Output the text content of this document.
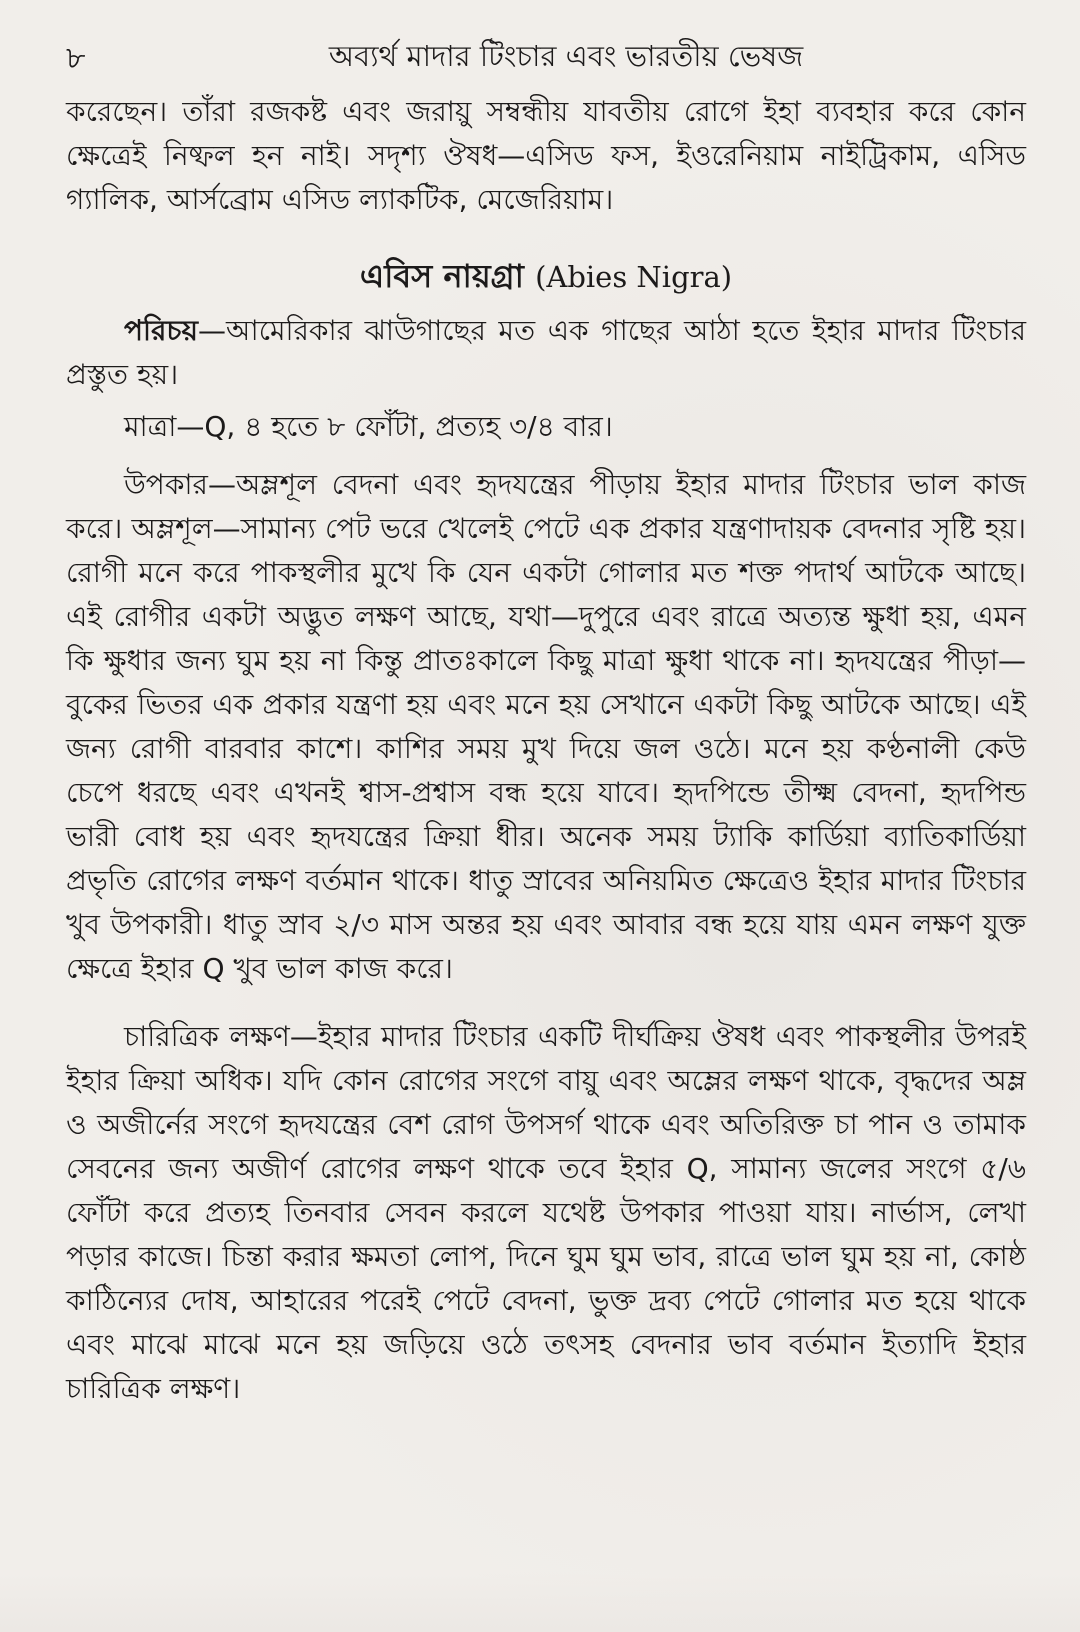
৮	অব্যর্থ মাদার টিংচার এবং ভারতীয় ভেষজ

করেছেন। তাঁরা রজকষ্ট এবং জরায়ু সম্বন্ধীয় যাবতীয় রোগে ইহা ব্যবহার করে কোন ক্ষেত্রেই নিষ্ফল হন নাই। সদৃশ্য ঔষধ—এসিড ফস, ইওরেনিয়াম নাইট্রিকাম, এসিড গ্যালিক, আর্সব্রোম এসিড ল্যাকটিক, মেজেরিয়াম।

এবিস নায়গ্রা (Abies Nigra)

পরিচয়—আমেরিকার ঝাউগাছের মত এক গাছের আঠা হতে ইহার মাদার টিংচার প্রস্তুত হয়।

মাত্রা—Q, ৪ হতে ৮ ফোঁটা, প্রত্যহ ৩/৪ বার।

উপকার—অম্লশূল বেদনা এবং হৃদযন্ত্রের পীড়ায় ইহার মাদার টিংচার ভাল কাজ করে। অম্লশূল—সামান্য পেট ভরে খেলেই পেটে এক প্রকার যন্ত্রণাদায়ক বেদনার সৃষ্টি হয়। রোগী মনে করে পাকস্থলীর মুখে কি যেন একটা গোলার মত শক্ত পদার্থ আটকে আছে। এই রোগীর একটা অদ্ভুত লক্ষণ আছে, যথা—দুপুরে এবং রাত্রে অত্যন্ত ক্ষুধা হয়, এমন কি ক্ষুধার জন্য ঘুম হয় না কিন্তু প্রাতঃকালে কিছু মাত্রা ক্ষুধা থাকে না। হৃদযন্ত্রের পীড়া—বুকের ভিতর এক প্রকার যন্ত্রণা হয় এবং মনে হয় সেখানে একটা কিছু আটকে আছে। এই জন্য রোগী বারবার কাশে। কাশির সময় মুখ দিয়ে জল ওঠে। মনে হয় কণ্ঠনালী কেউ চেপে ধরছে এবং এখনই শ্বাস-প্রশ্বাস বন্ধ হয়ে যাবে। হৃদপিন্ডে তীক্ষ্ম বেদনা, হৃদপিন্ড ভারী বোধ হয় এবং হৃদযন্ত্রের ক্রিয়া ধীর। অনেক সময় ট্যাকি কার্ডিয়া ব্যাতিকার্ডিয়া প্রভৃতি রোগের লক্ষণ বর্তমান থাকে। ধাতু স্রাবের অনিয়মিত ক্ষেত্রেও ইহার মাদার টিংচার খুব উপকারী। ধাতু স্রাব ২/৩ মাস অন্তর হয় এবং আবার বন্ধ হয়ে যায় এমন লক্ষণ যুক্ত ক্ষেত্রে ইহার Q খুব ভাল কাজ করে।

চারিত্রিক লক্ষণ—ইহার মাদার টিংচার একটি দীর্ঘক্রিয় ঔষধ এবং পাকস্থলীর উপরই ইহার ক্রিয়া অধিক। যদি কোন রোগের সংগে বায়ু এবং অম্লের লক্ষণ থাকে, বৃদ্ধদের অম্ল ও অজীর্নের সংগে হৃদযন্ত্রের বেশ রোগ উপসর্গ থাকে এবং অতিরিক্ত চা পান ও তামাক সেবনের জন্য অজীর্ণ রোগের লক্ষণ থাকে তবে ইহার Q, সামান্য জলের সংগে ৫/৬ ফোঁটা করে প্রত্যহ তিনবার সেবন করলে যথেষ্ট উপকার পাওয়া যায়। নার্ভাস, লেখা পড়ার কাজে। চিন্তা করার ক্ষমতা লোপ, দিনে ঘুম ঘুম ভাব, রাত্রে ভাল ঘুম হয় না, কোষ্ঠ কাঠিন্যের দোষ, আহারের পরেই পেটে বেদনা, ভুক্ত দ্রব্য পেটে গোলার মত হয়ে থাকে এবং মাঝে মাঝে মনে হয় জড়িয়ে ওঠে তৎসহ বেদনার ভাব বর্তমান ইত্যাদি ইহার চারিত্রিক লক্ষণ।
